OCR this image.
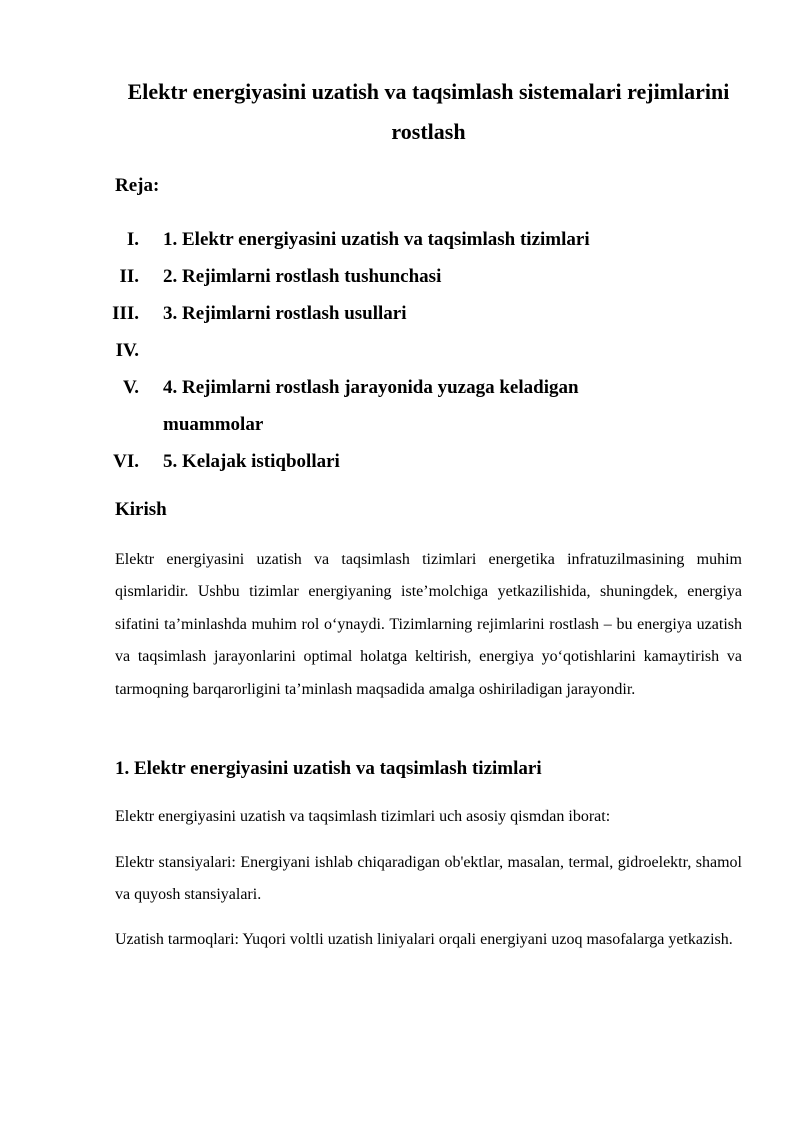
Elektr energiyasini uzatish va taqsimlash sistemalari rejimlarini rostlash

Reja:

I. 1. Elektr energiyasini uzatish va taqsimlash tizimlari
II. 2. Rejimlarni rostlash tushunchasi
III. 3. Rejimlarni rostlash usullari
IV.
V. 4. Rejimlarni rostlash jarayonida yuzaga keladigan muammolar
VI. 5. Kelajak istiqbollari
Kirish

Elektr energiyasini uzatish va taqsimlash tizimlari energetika infratuzilmasining muhim qismlaridir. Ushbu tizimlar energiyaning iste’molchiga yetkazilishida, shuningdek, energiya sifatini ta’minlashda muhim rol o‘ynaydi. Tizimlarning rejimlarini rostlash – bu energiya uzatish va taqsimlash jarayonlarini optimal holatga keltirish, energiya yo‘qotishlarini kamaytirish va tarmoqning barqarorligini ta’minlash maqsadida amalga oshiriladigan jarayondir.

1. Elektr energiyasini uzatish va taqsimlash tizimlari

Elektr energiyasini uzatish va taqsimlash tizimlari uch asosiy qismdan iborat:

Elektr stansiyalari: Energiyani ishlab chiqaradigan ob'ektlar, masalan, termal, gidroelektr, shamol va quyosh stansiyalari.

Uzatish tarmoqlari: Yuqori voltli uzatish liniyalari orqali energiyani uzoq masofalarga yetkazish.
